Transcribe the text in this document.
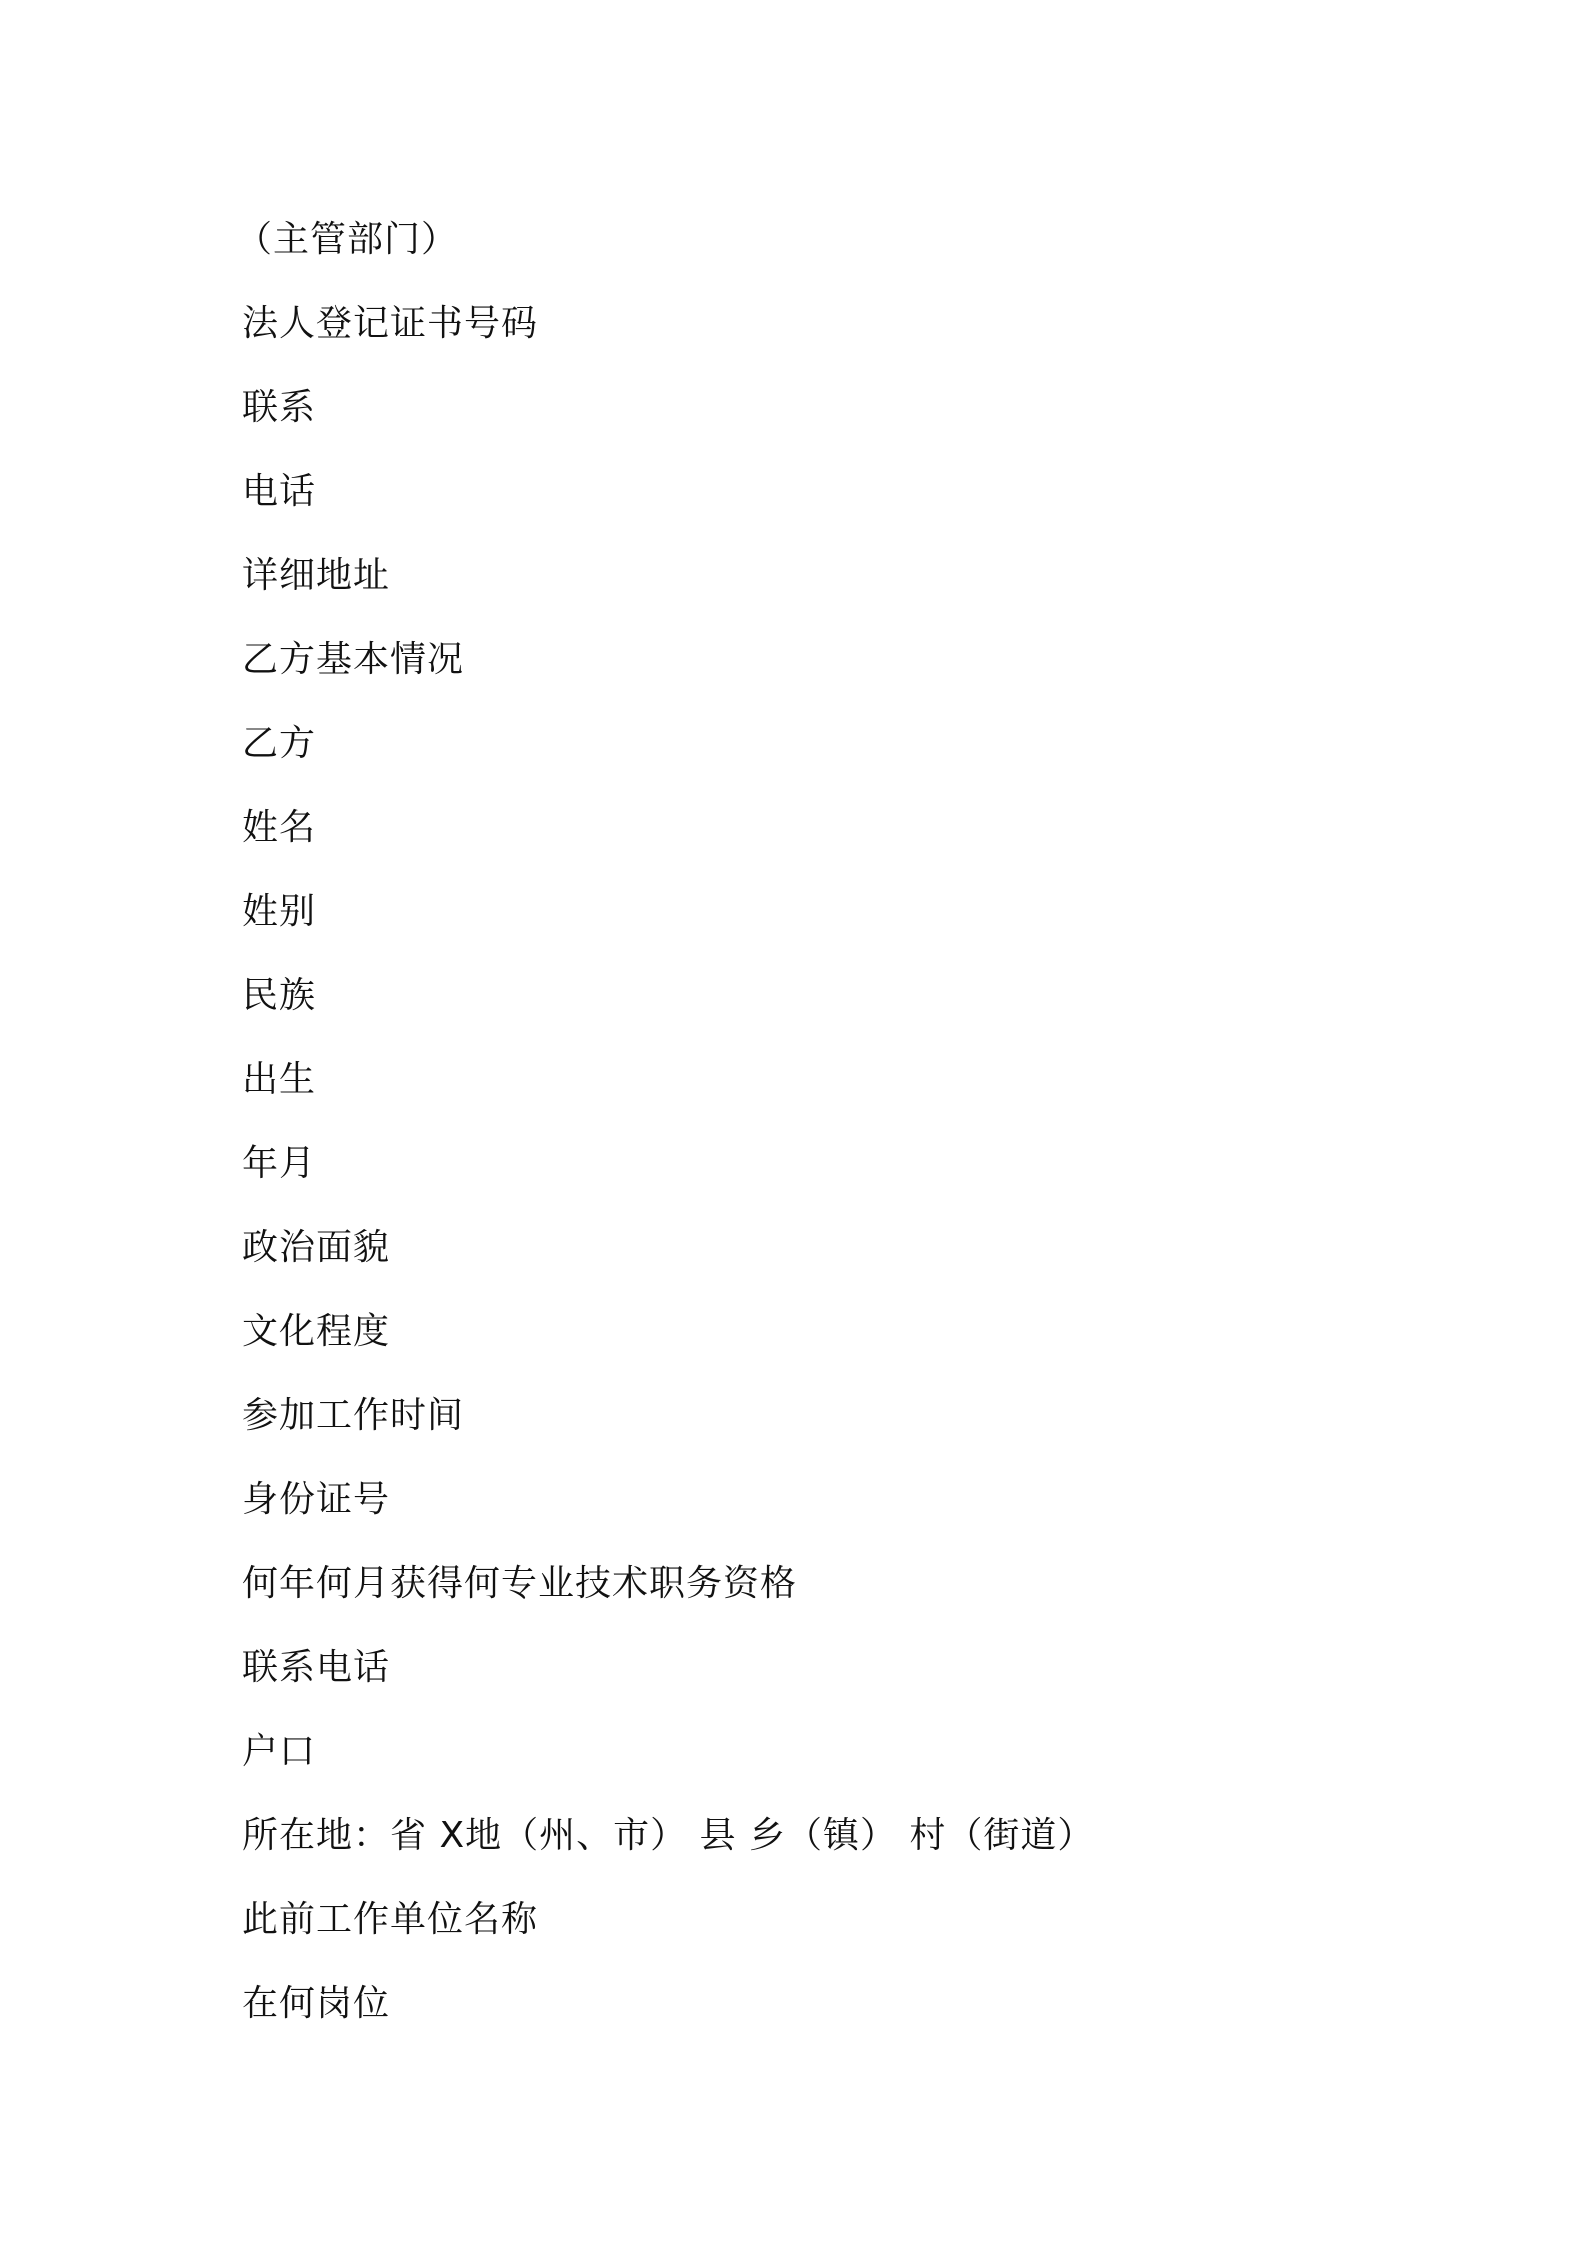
（主管部门）
法人登记证书号码
联系
电话
详细地址
乙方基本情况
乙方
姓名
姓别
民族
出生
年月
政治面貌
文化程度
参加工作时间
身份证号
何年何月获得何专业技术职务资格
联系电话
户口
所在地：省 X地（州、市） 县 乡（镇） 村（街道）
此前工作单位名称
在何岗位
